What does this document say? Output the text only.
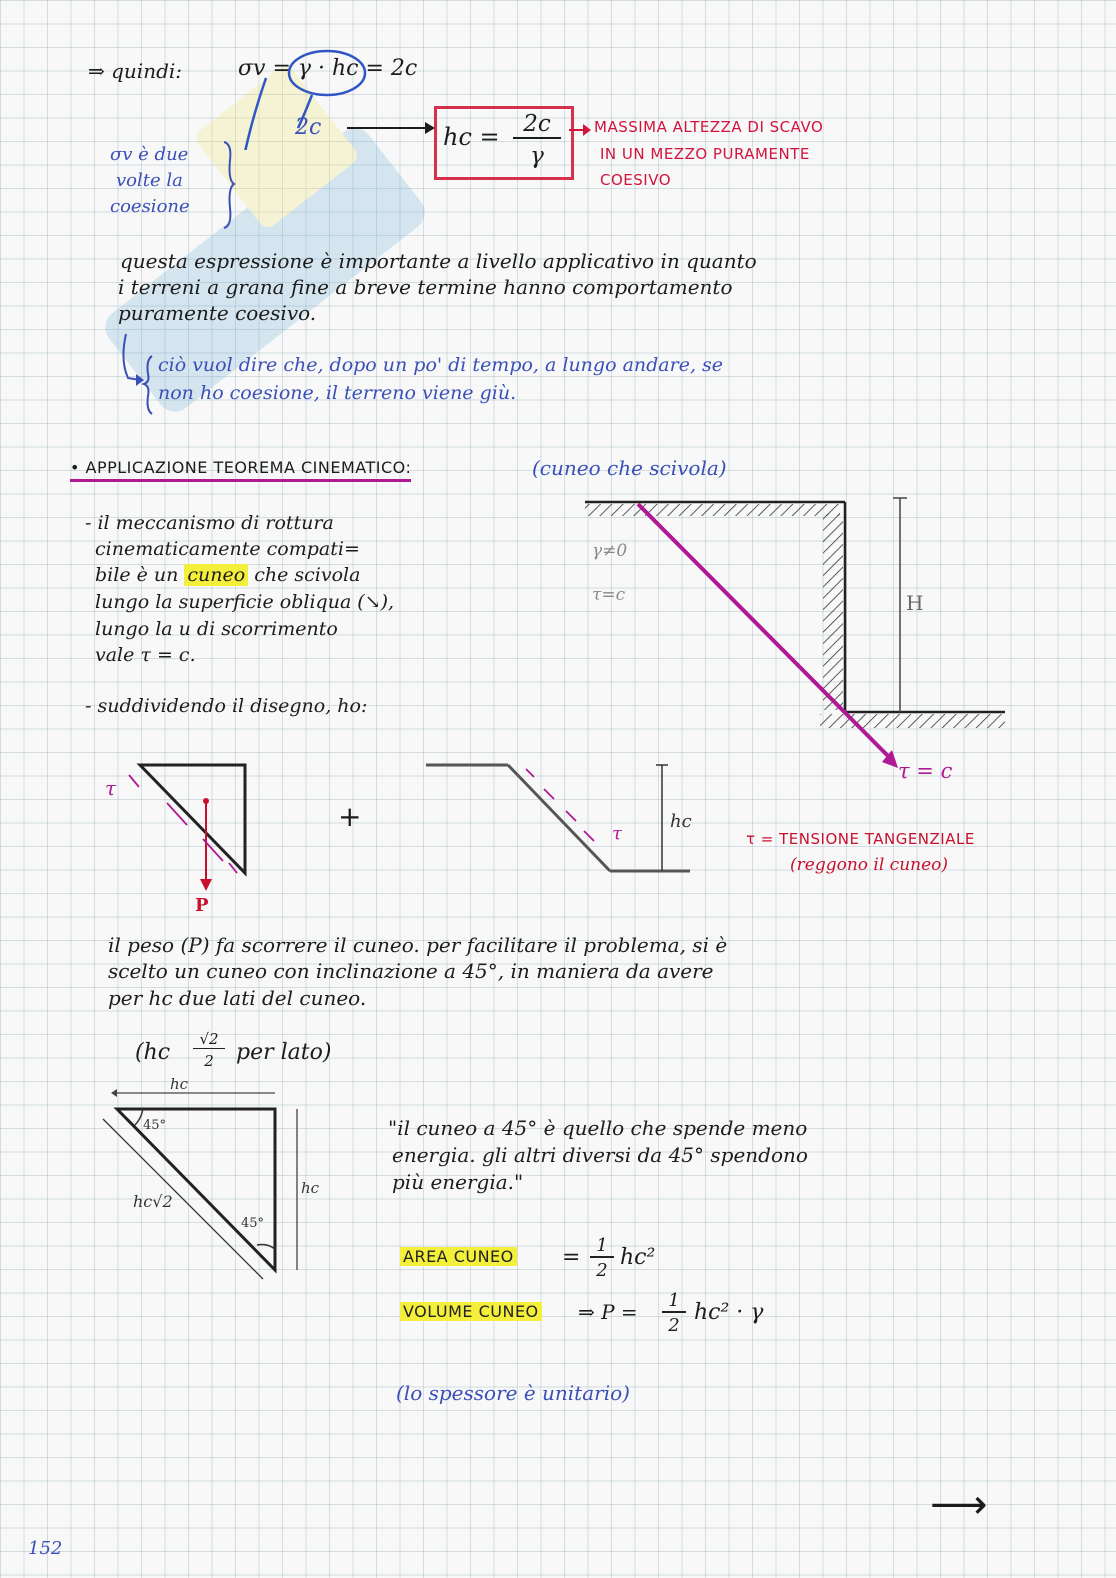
⇒ quindi:	σv = γ · hc = 2c
2c	hc =	2c
γ
MASSIMA ALTEZZA DI SCAVO
IN UN MEZZO PURAMENTE
COESIVO
σv è due
volte la
coesione
questa espressione è importante a livello applicativo in quanto
i terreni a grana fine a breve termine hanno comportamento
puramente coesivo.
ciò vuol dire che, dopo un po' di tempo, a lungo andare, se
non ho coesione, il terreno viene giù.
• APPLICAZIONE TEOREMA CINEMATICO:	(cuneo che scivola)
- il meccanismo di rottura
cinematicamente compati=
bile è un cuneo che scivola
lungo la superficie obliqua (↘),
lungo la u di scorrimento
vale τ = c.
- suddividendo il disegno, ho:
γ≠0
τ=c	H
τ = c
τ
P
+
τ
hc
τ = TENSIONE TANGENZIALE
(reggono il cuneo)
il peso (P) fa scorrere il cuneo. per facilitare il problema, si è
scelto un cuneo con inclinazione a 45°, in maniera da avere
per hc due lati del cuneo.
(hc
√2
2	per lato)
hc
45°
45°
hc√2
hc
"il cuneo a 45° è quello che spende meno
energia. gli altri diversi da 45° spendono
più energia."
AREA CUNEO = 1
2
hc²
VOLUME CUNEO ⇒ P =	1
2
hc² · γ
(lo spessore è unitario)
⟶
152
